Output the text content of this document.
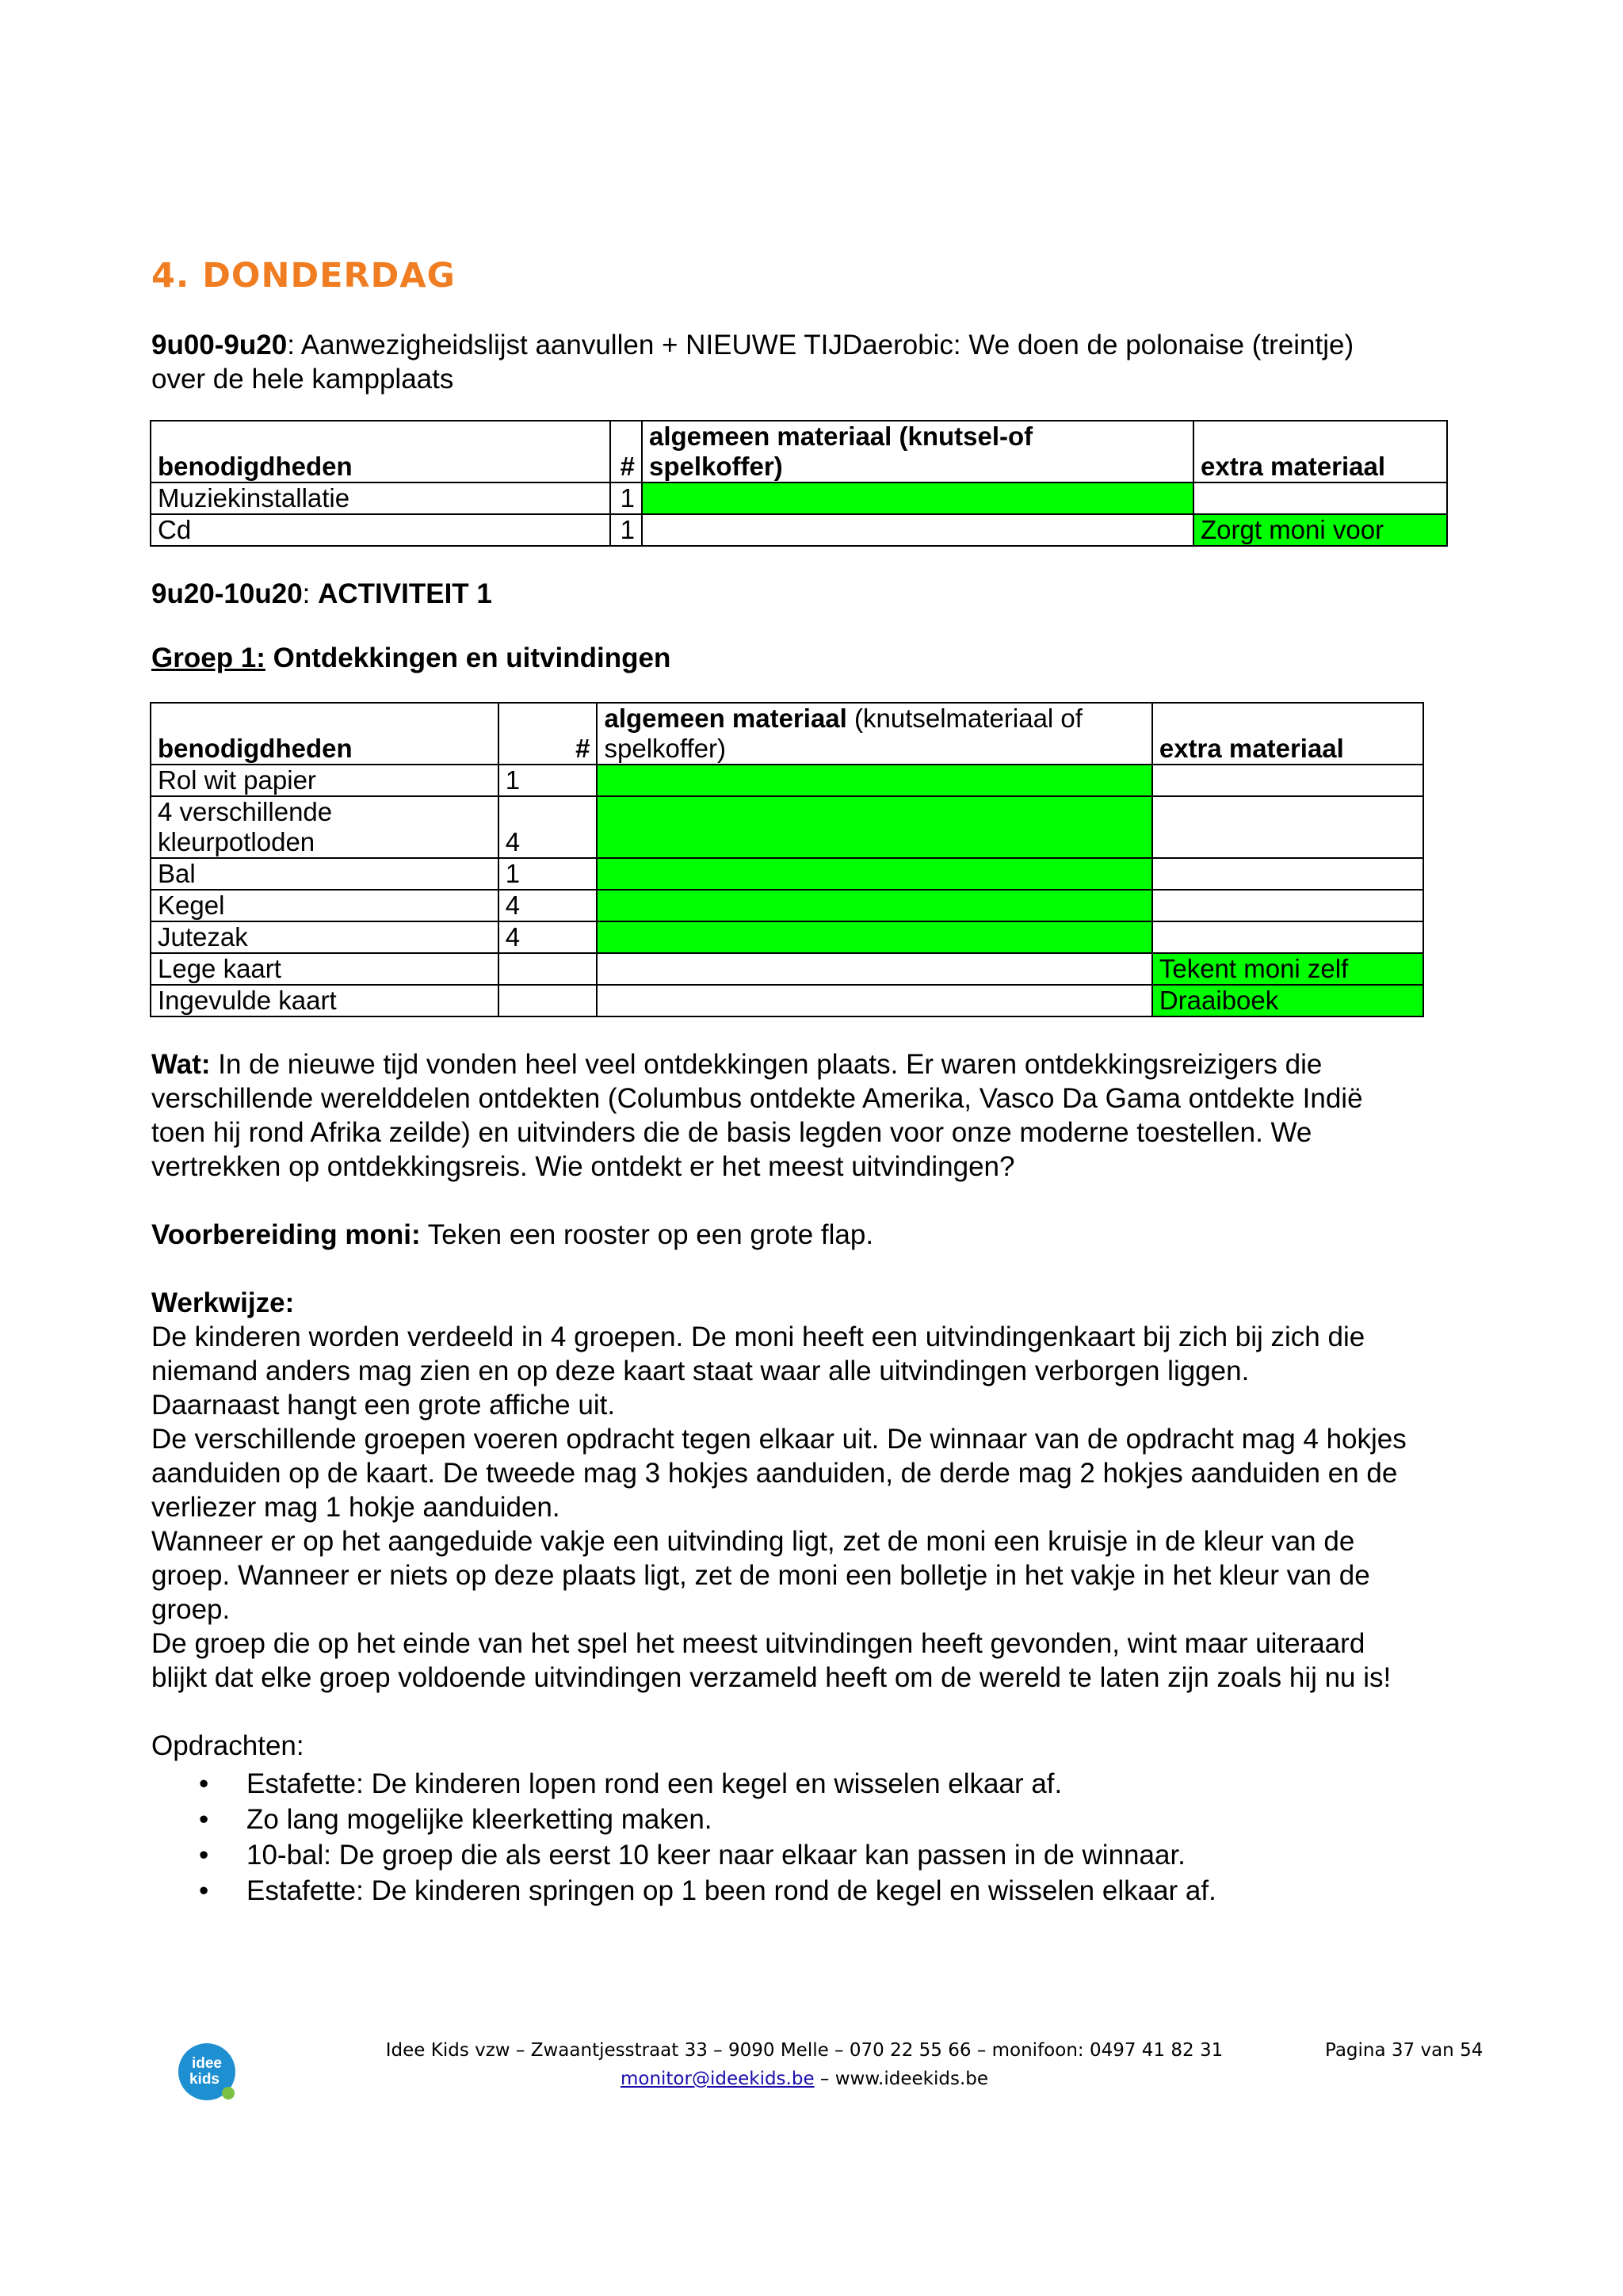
4. DONDERDAG

9u00-9u20: Aanwezigheidslijst aanvullen + NIEUWE TIJDaerobic: We doen de polonaise (treintje)
over de hele kampplaats

benodigdheden	#	algemeen materiaal (knutsel-of
spelkoffer)	extra materiaal
Muziekinstallatie	1		
Cd	1		Zorgt moni voor

9u20-10u20: ACTIVITEIT 1

Groep 1: Ontdekkingen en uitvindingen

benodigdheden	#	algemeen materiaal (knutselmateriaal of
spelkoffer)	extra materiaal
Rol wit papier	1		
4 verschillende
kleurpotloden	4		
Bal	1		
Kegel	4		
Jutezak	4		
Lege kaart			Tekent moni zelf
Ingevulde kaart			Draaiboek

Wat: In de nieuwe tijd vonden heel veel ontdekkingen plaats. Er waren ontdekkingsreizigers die
verschillende werelddelen ontdekten (Columbus ontdekte Amerika, Vasco Da Gama ontdekte Indië
toen hij rond Afrika zeilde) en uitvinders die de basis legden voor onze moderne toestellen. We
vertrekken op ontdekkingsreis. Wie ontdekt er het meest uitvindingen?

Voorbereiding moni: Teken een rooster op een grote flap.

Werkwijze:
De kinderen worden verdeeld in 4 groepen. De moni heeft een uitvindingenkaart bij zich bij zich die
niemand anders mag zien en op deze kaart staat waar alle uitvindingen verborgen liggen.
Daarnaast hangt een grote affiche uit.
De verschillende groepen voeren opdracht tegen elkaar uit. De winnaar van de opdracht mag 4 hokjes
aanduiden op de kaart. De tweede mag 3 hokjes aanduiden, de derde mag 2 hokjes aanduiden en de
verliezer mag 1 hokje aanduiden.
Wanneer er op het aangeduide vakje een uitvinding ligt, zet de moni een kruisje in de kleur van de
groep. Wanneer er niets op deze plaats ligt, zet de moni een bolletje in het vakje in het kleur van de
groep.
De groep die op het einde van het spel het meest uitvindingen heeft gevonden, wint maar uiteraard
blijkt dat elke groep voldoende uitvindingen verzameld heeft om de wereld te laten zijn zoals hij nu is!

Opdrachten:

• Estafette: De kinderen lopen rond een kegel en wisselen elkaar af.
• Zo lang mogelijke kleerketting maken.
• 10-bal: De groep die als eerst 10 keer naar elkaar kan passen in de winnaar.
• Estafette: De kinderen springen op 1 been rond de kegel en wisselen elkaar af.
idee
kids
Idee Kids vzw – Zwaantjesstraat 33 – 9090 Melle – 070 22 55 66 – monifoon: 0497 41 82 31
monitor@ideekids.be – www.ideekids.be
Pagina 37 van 54
